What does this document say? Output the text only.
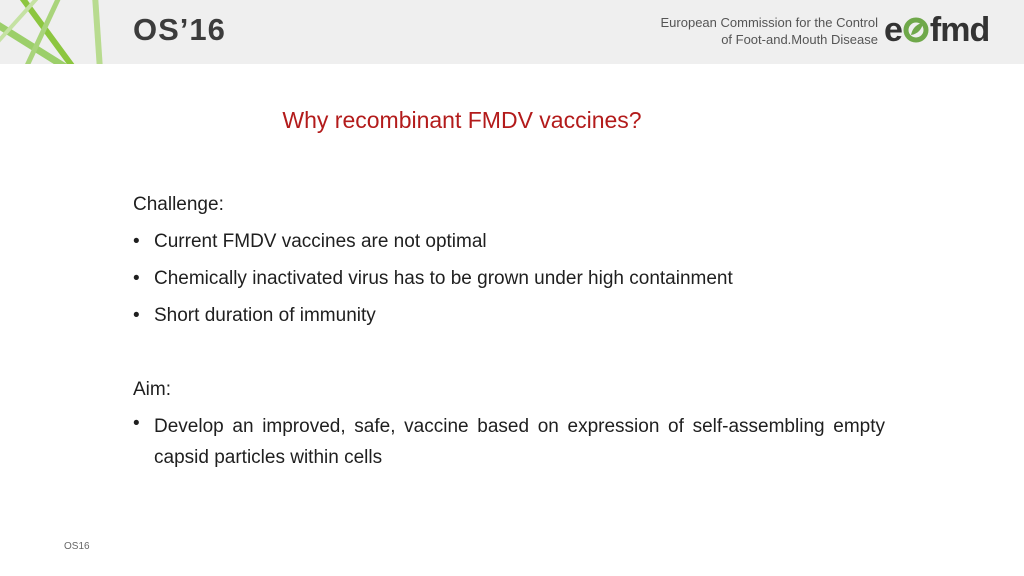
OS’16	European Commission for the Control
of Foot-and.Mouth Disease e fmd
Why recombinant FMDV vaccines?
Challenge:
• Current FMDV vaccines are not optimal
• Chemically inactivated virus has to be grown under high containment
• Short duration of immunity
Aim:
• Develop an improved, safe, vaccine based on expression of self-assembling empty capsid particles within cells
OS16
